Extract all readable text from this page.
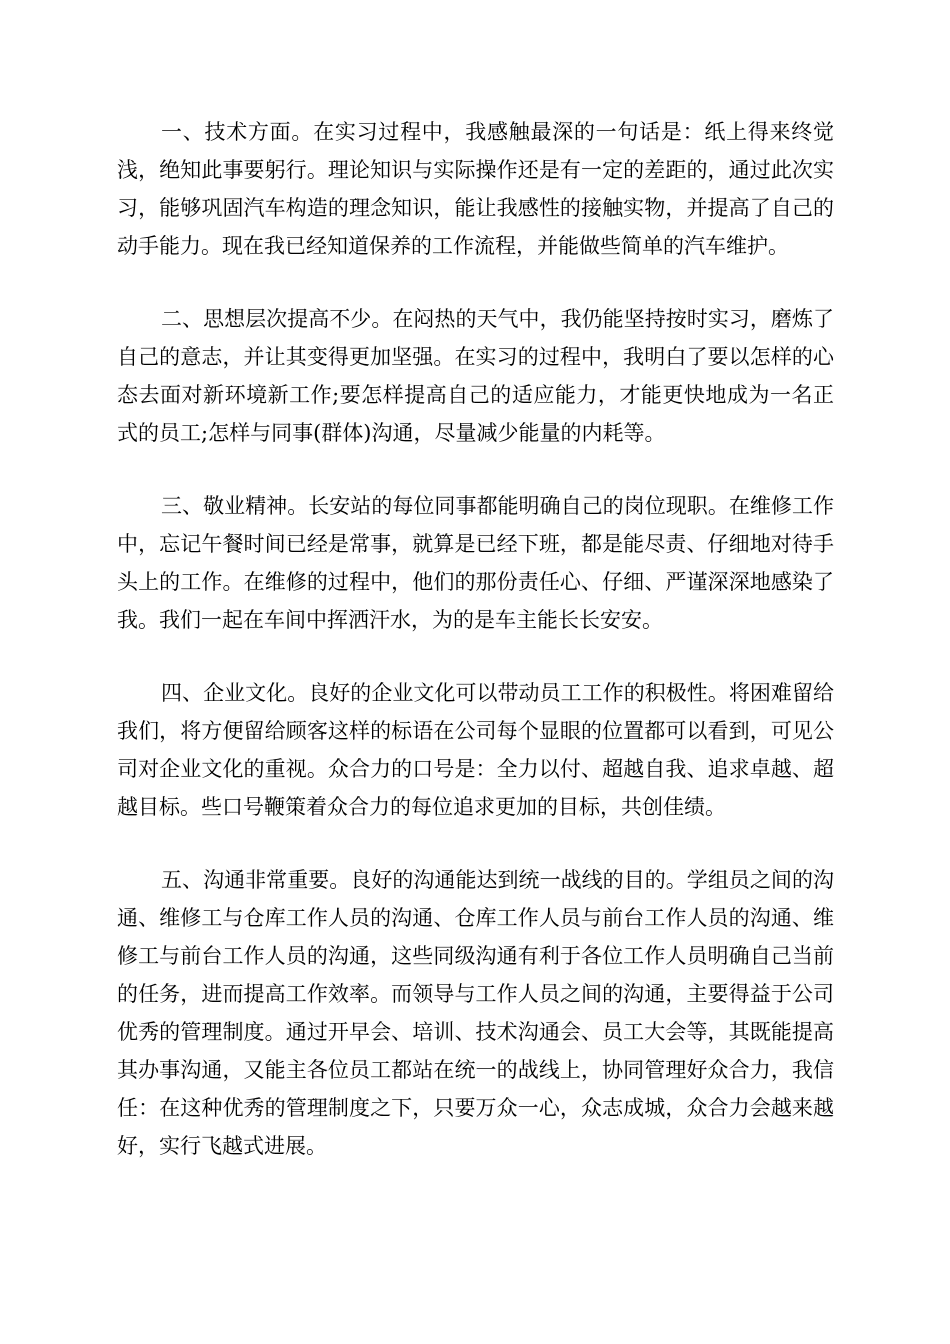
一、技术方面。在实习过程中，我感触最深的一句话是：纸上得来终觉浅，绝知此事要躬行。理论知识与实际操作还是有一定的差距的，通过此次实习，能够巩固汽车构造的理念知识，能让我感性的接触实物，并提高了自己的动手能力。现在我已经知道保养的工作流程，并能做些简单的汽车维护。

二、思想层次提高不少。在闷热的天气中，我仍能坚持按时实习，磨炼了自己的意志，并让其变得更加坚强。在实习的过程中，我明白了要以怎样的心态去面对新环境新工作;要怎样提高自己的适应能力，才能更快地成为一名正式的员工;怎样与同事(群体)沟通，尽量减少能量的内耗等。

三、敬业精神。长安站的每位同事都能明确自己的岗位现职。在维修工作中，忘记午餐时间已经是常事，就算是已经下班，都是能尽责、仔细地对待手头上的工作。在维修的过程中，他们的那份责任心、仔细、严谨深深地感染了我。我们一起在车间中挥洒汗水，为的是车主能长长安安。

四、企业文化。良好的企业文化可以带动员工工作的积极性。将困难留给我们，将方便留给顾客这样的标语在公司每个显眼的位置都可以看到，可见公司对企业文化的重视。众合力的口号是：全力以付、超越自我、追求卓越、超越目标。些口号鞭策着众合力的每位追求更加的目标，共创佳绩。

五、沟通非常重要。良好的沟通能达到统一战线的目的。学组员之间的沟通、维修工与仓库工作人员的沟通、仓库工作人员与前台工作人员的沟通、维修工与前台工作人员的沟通，这些同级沟通有利于各位工作人员明确自己当前的任务，进而提高工作效率。而领导与工作人员之间的沟通，主要得益于公司优秀的管理制度。通过开早会、培训、技术沟通会、员工大会等，其既能提高其办事沟通，又能主各位员工都站在统一的战线上，协同管理好众合力，我信任：在这种优秀的管理制度之下，只要万众一心，众志成城，众合力会越来越好，实行飞越式进展。
